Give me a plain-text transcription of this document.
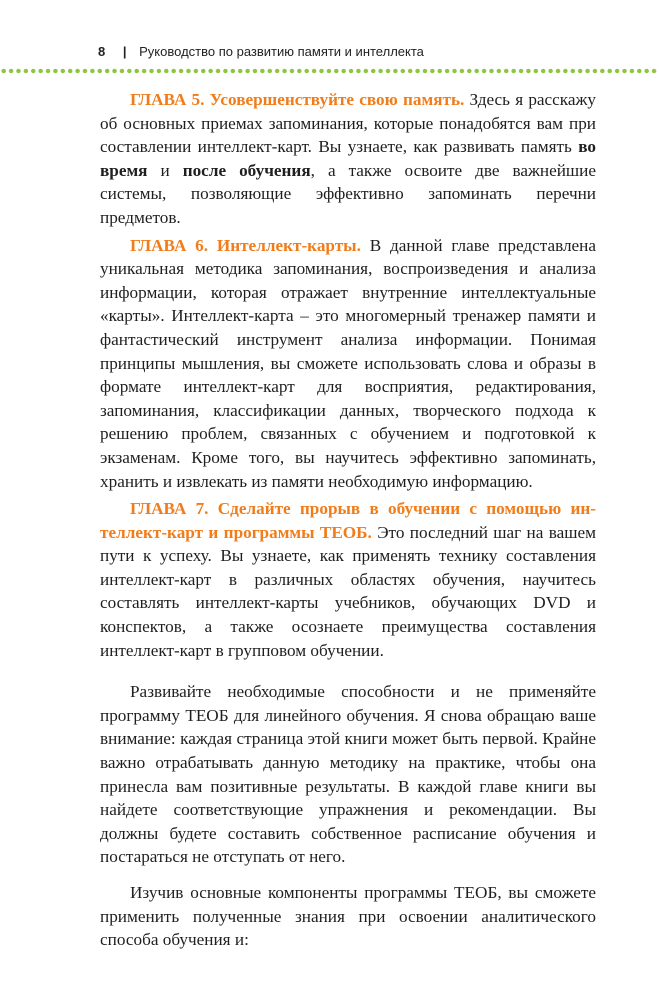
8 | Руководство по развитию памяти и интеллекта

ГЛАВА 5. Усовершенствуйте свою память. Здесь я расскажу об основных приемах запоминания, которые понадобятся вам при составлении интеллект-карт. Вы узнаете, как развивать память во время и после обучения, а также освоите две важнейшие системы, позволяющие эффективно запоминать перечни предметов.

ГЛАВА 6. Интеллект-карты. В данной главе представлена уникальная методика запоминания, воспроизведения и анализа информации, которая отражает внутренние интеллектуальные «карты». Интеллект-карта – это многомерный тренажер памяти и фантастический инструмент анализа информации. Понимая принципы мышления, вы сможете использовать слова и образы в формате интеллект-карт для восприятия, редактирования, запоминания, классификации данных, творческого подхода к решению проблем, связанных с обучением и подготовкой к экзаменам. Кроме того, вы научитесь эффективно запоминать, хранить и извлекать из памяти необходимую информацию.

ГЛАВА 7. Сделайте прорыв в обучении с помощью интеллект-карт и программы ТЕОБ. Это последний шаг на вашем пути к успеху. Вы узнаете, как применять технику составления интеллект-карт в различных областях обучения, научитесь составлять интеллект-карты учебников, обучающих DVD и конспектов, а также осознаете преимущества составления интеллект-карт в групповом обучении.

Развивайте необходимые способности и не применяйте программу ТЕОБ для линейного обучения. Я снова обращаю ваше внимание: каждая страница этой книги может быть первой. Крайне важно отрабатывать данную методику на практике, чтобы она принесла вам позитивные результаты. В каждой главе книги вы найдете соответствующие упражнения и рекомендации. Вы должны будете составить собственное расписание обучения и постараться не отступать от него.

Изучив основные компоненты программы ТЕОБ, вы сможете применить полученные знания при освоении аналитического способа обучения и:
